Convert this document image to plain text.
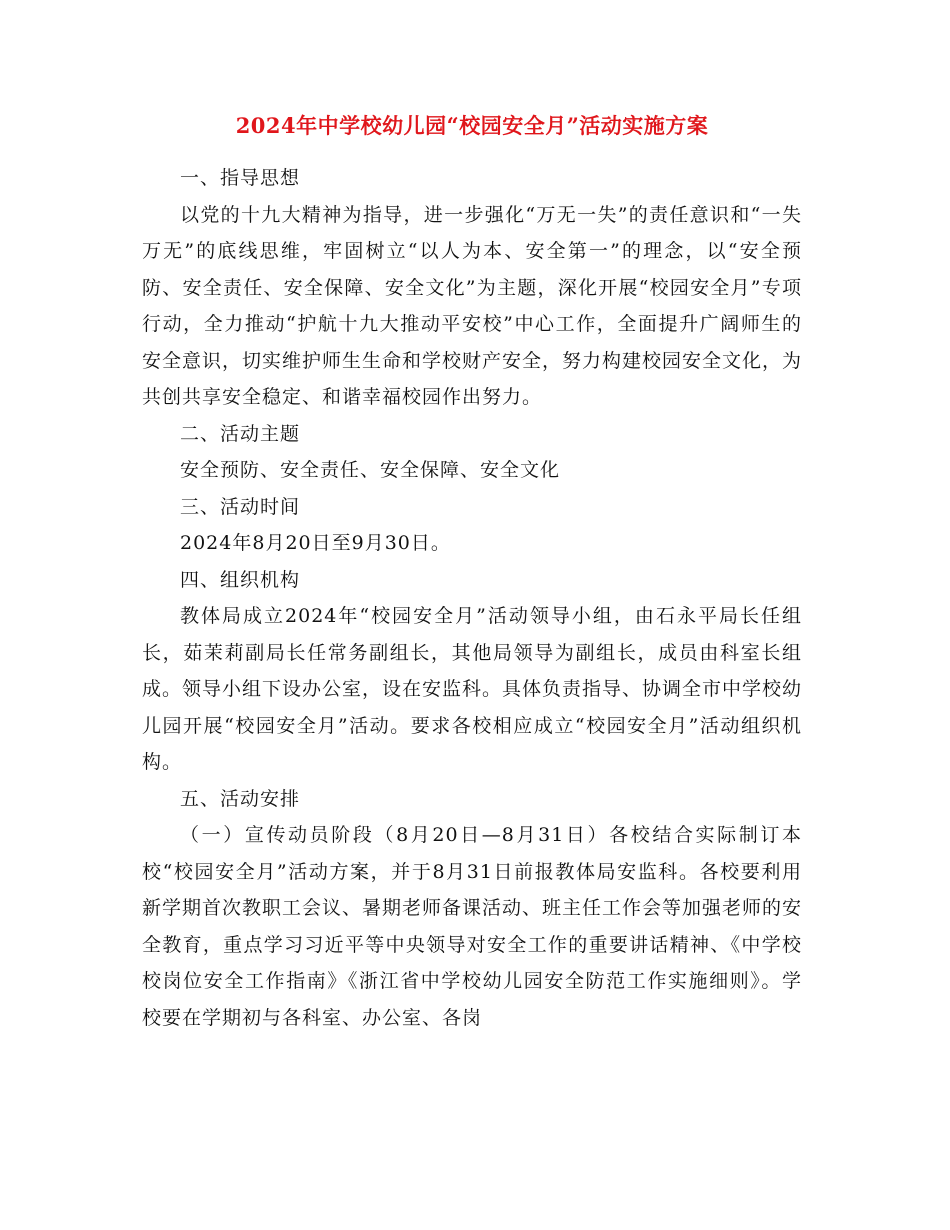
2024年中学校幼儿园“校园安全月”活动实施方案

一、指导思想

以党的十九大精神为指导，进一步强化“万无一失”的责任意识和“一失万无”的底线思维，牢固树立“以人为本、安全第一”的理念，以“安全预防、安全责任、安全保障、安全文化”为主题，深化开展“校园安全月”专项行动，全力推动“护航十九大推动平安校”中心工作，全面提升广阔师生的安全意识，切实维护师生生命和学校财产安全，努力构建校园安全文化，为共创共享安全稳定、和谐幸福校园作出努力。

二、活动主题

安全预防、安全责任、安全保障、安全文化

三、活动时间

2024年8月20日至9月30日。

四、组织机构

教体局成立2024年“校园安全月”活动领导小组，由石永平局长任组长，茹茉莉副局长任常务副组长，其他局领导为副组长，成员由科室长组成。领导小组下设办公室，设在安监科。具体负责指导、协调全市中学校幼儿园开展“校园安全月”活动。要求各校相应成立“校园安全月”活动组织机构。

五、活动安排

（一）宣传动员阶段（8月20日—8月31日）各校结合实际制订本校“校园安全月”活动方案，并于8月31日前报教体局安监科。各校要利用新学期首次教职工会议、暑期老师备课活动、班主任工作会等加强老师的安全教育，重点学习习近平等中央领导对安全工作的重要讲话精神、《中学校校岗位安全工作指南》《浙江省中学校幼儿园安全防范工作实施细则》。学校要在学期初与各科室、办公室、各岗
